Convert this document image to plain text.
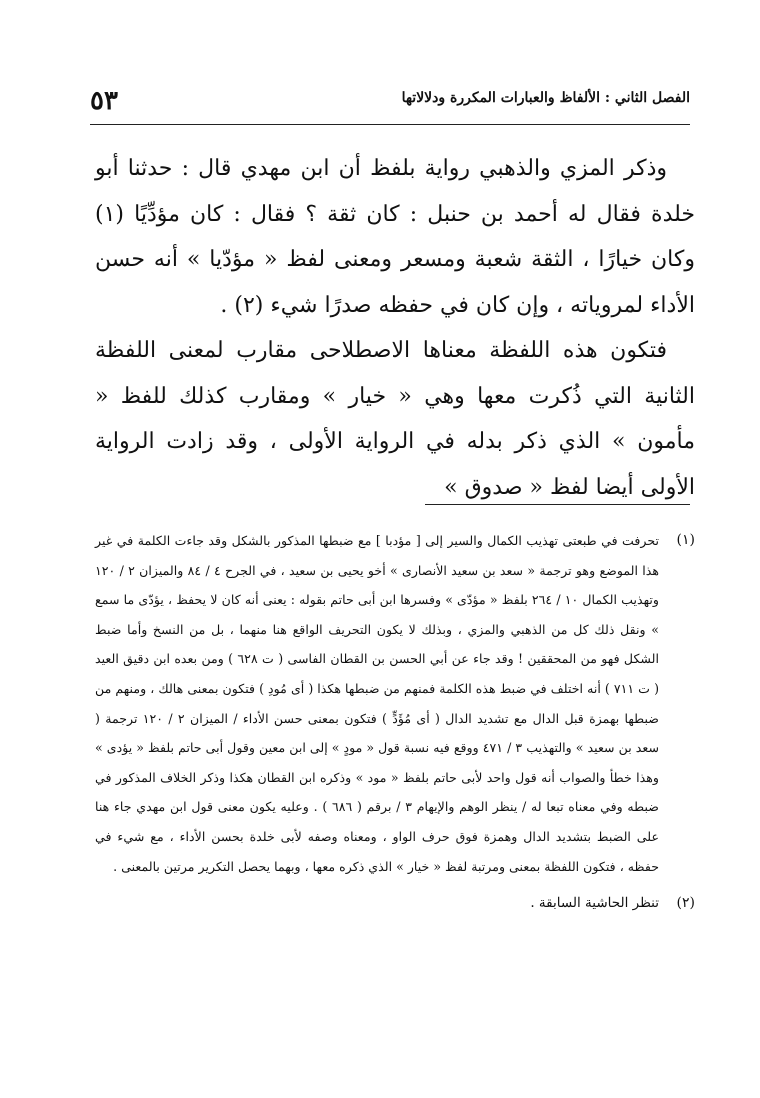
٥٣	الفصل الثاني : الألفاظ والعبارات المكررة ودلالاتها

وذكر المزي والذهبي رواية بلفظ أن ابن مهدي قال : حدثنا أبو خلدة فقال له أحمد بن حنبل : كان ثقة ؟ فقال : كان مؤدِّيًا (١) وكان خيارًا ، الثقة شعبة ومسعر ومعنى لفظ « مؤدّيا » أنه حسن الأداء لمروياته ، وإن كان في حفظه صدرًا شيء (٢) .

فتكون هذه اللفظة معناها الاصطلاحى مقارب لمعنى اللفظة الثانية التي ذُكرت معها وهي « خيار » ومقارب كذلك للفظ « مأمون » الذي ذكر بدله في الرواية الأولى ، وقد زادت الرواية الأولى أيضا لفظ « صدوق »

(١)

تحرفت في طبعتى تهذيب الكمال والسير إلى [ مؤدبا ] مع ضبطها المذكور بالشكل وقد جاءت الكلمة في غير هذا الموضع وهو ترجمة « سعد بن سعيد الأنصارى » أخو يحيى بن سعيد ، في الجرح ٤ / ٨٤ والميزان ٢ / ١٢٠ وتهذيب الكمال ١٠ / ٢٦٤ بلفظ « مؤدّى » وفسرها ابن أبى حاتم بقوله : يعنى أنه كان لا يحفظ ، يؤدّى ما سمع » ونقل ذلك كل من الذهبي والمزي ، وبذلك لا يكون التحريف الواقع هنا منهما ، بل من النسخ وأما ضبط الشكل فهو من المحققين ! وقد جاء عن أبي الحسن بن القطان الفاسى ( ت ٦٢٨ ) ومن بعده ابن دقيق العيد ( ت ٧١١ ) أنه اختلف في ضبط هذه الكلمة فمنهم من ضبطها هكذا ( أى مُودِ ) فتكون بمعنى هالك ، ومنهم من ضبطها بهمزة قبل الدال مع تشديد الدال ( أى مُؤَدٍّ ) فتكون بمعنى حسن الأداء / الميزان ٢ / ١٢٠ ترجمة ( سعد بن سعيد » والتهذيب ٣ / ٤٧١ ووقع فيه نسبة قول « مودٍ » إلى ابن معين وقول أبى حاتم بلفظ « يؤدى » وهذا خطأ والصواب أنه قول واحد لأبى حاتم بلفظ « مود » وذكره ابن القطان هكذا وذكر الخلاف المذكور في ضبطه وفي معناه تبعا له / ينظر الوهم والإيهام ٣ / برقم ( ٦٨٦ ) . وعليه يكون معنى قول ابن مهدي جاء هنا على الضبط بتشديد الدال وهمزة فوق حرف الواو ، ومعناه وصفه لأبى خلدة بحسن الأداء ، مع شيء في حفظه ، فتكون اللفظة بمعنى ومرتبة لفظ « خيار » الذي ذكره معها ، وبهما يحصل التكرير مرتين بالمعنى .

(٢)

تنظر الحاشية السابقة .
